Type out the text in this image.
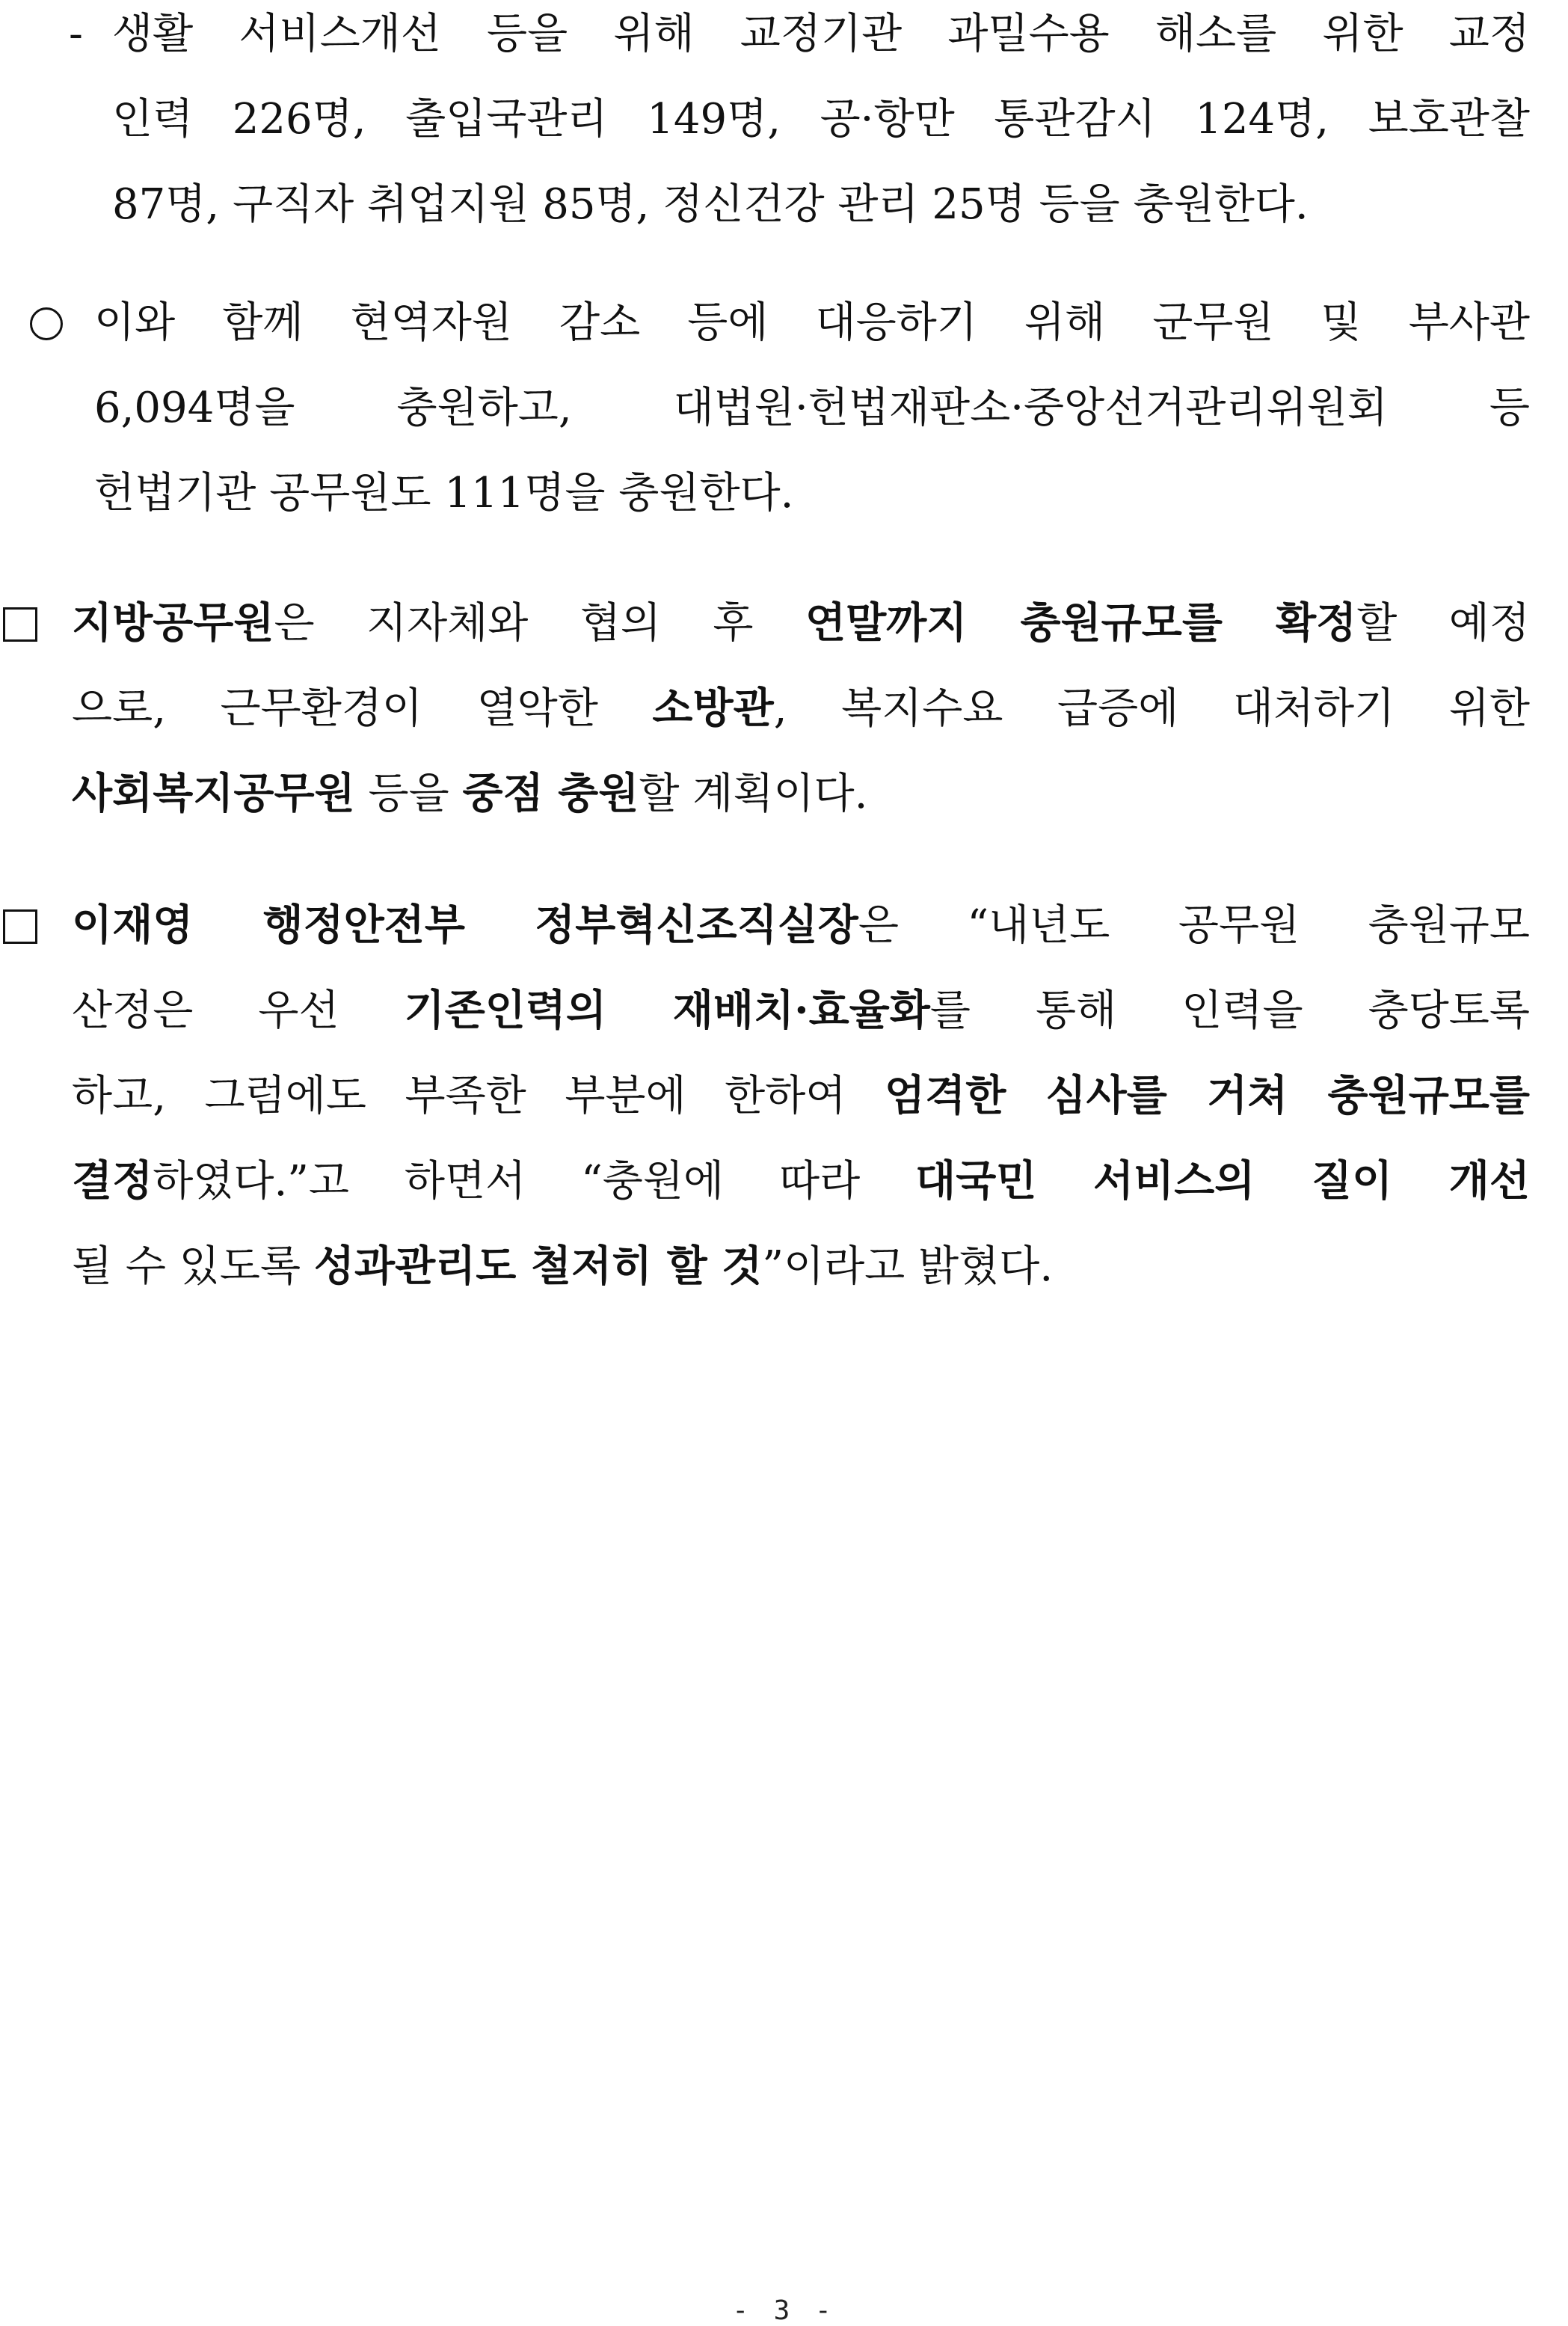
- 생활 서비스개선 등을 위해 교정기관 과밀수용 해소를 위한 교정
인력 226명, 출입국관리 149명, 공·항만 통관감시 124명, 보호관찰
87명, 구직자 취업지원 85명, 정신건강 관리 25명 등을 충원한다.
이와 함께 현역자원 감소 등에 대응하기 위해 군무원 및 부사관
6,094명을 충원하고, 대법원·헌법재판소·중앙선거관리위원회 등
헌법기관 공무원도 111명을 충원한다.
지방공무원은 지자체와 협의 후 연말까지 충원규모를 확정할 예정
으로, 근무환경이 열악한 소방관, 복지수요 급증에 대처하기 위한
사회복지공무원 등을 중점 충원할 계획이다.
이재영 행정안전부 정부혁신조직실장은 “내년도 공무원 충원규모
산정은 우선 기존인력의 재배치·효율화를 통해 인력을 충당토록
하고, 그럼에도 부족한 부분에 한하여 엄격한 심사를 거쳐 충원규모를
결정하였다.”고 하면서 “충원에 따라 대국민 서비스의 질이 개선
될 수 있도록 성과관리도 철저히 할 것”이라고 밝혔다.
- 3 -
